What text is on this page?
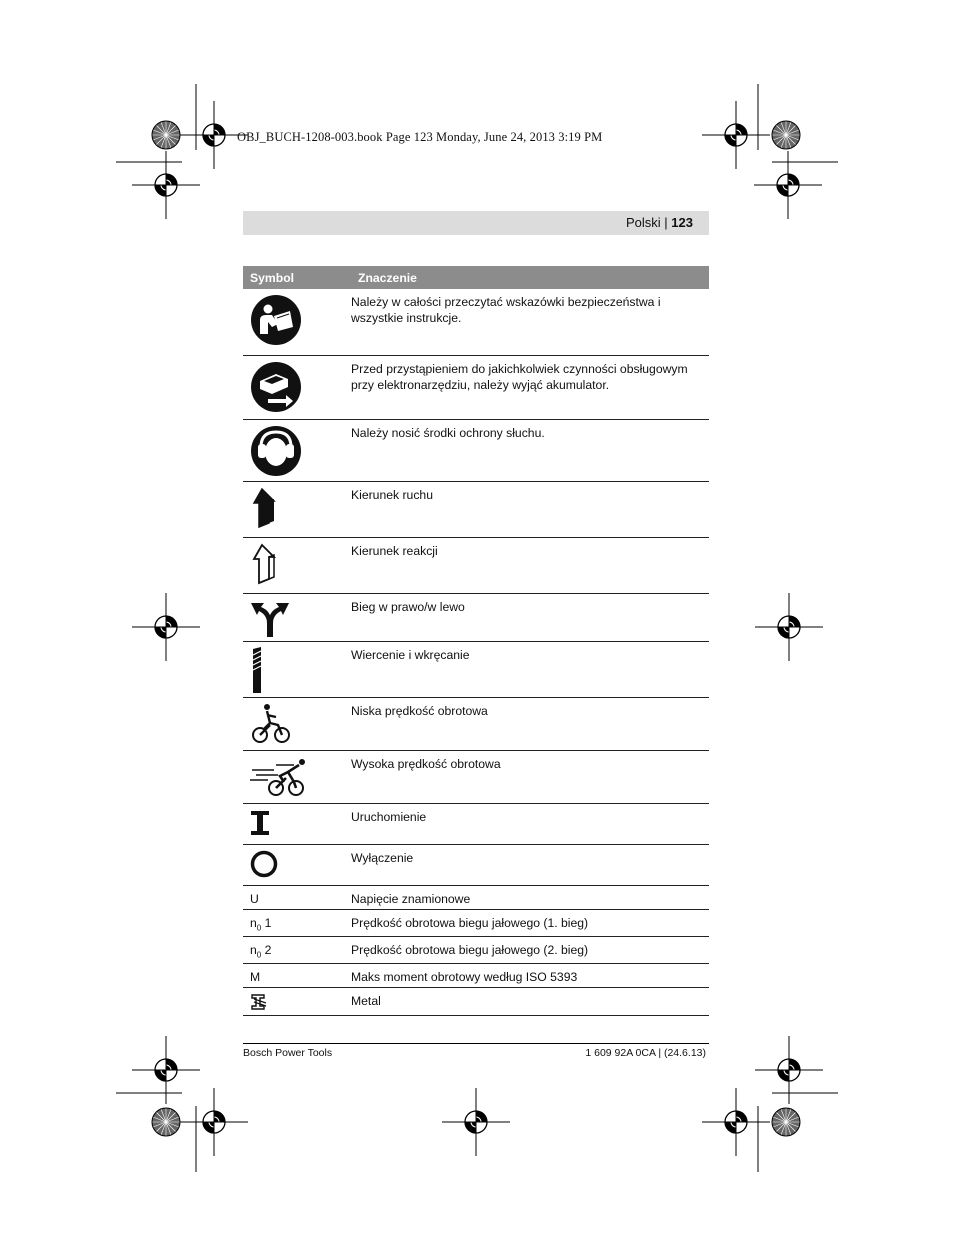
OBJ_BUCH-1208-003.book Page 123 Monday, June 24, 2013 3:19 PM
Polski | 123
Symbol	Znaczenie

	Należy w całości przeczytać wskazówki bezpieczeństwa i wszystkie instrukcje.

	Przed przystąpieniem do jakichkolwiek czynności obsługowym przy elektronarzędziu, należy wyjąć akumulator.

	Należy nosić środki ochrony słuchu.

	Kierunek ruchu

	Kierunek reakcji

	Bieg w prawo/w lewo

	Wiercenie i wkręcanie

	Niska prędkość obrotowa

	Wysoka prędkość obrotowa

	Uruchomienie

	Wyłączenie

U	Napięcie znamionowe

$n_0$ 1	Prędkość obrotowa biegu jałowego (1. bieg)

$n_0$ 2	Prędkość obrotowa biegu jałowego (2. bieg)

M	Maks moment obrotowy według ISO 5393

	Metal
Bosch Power Tools	1 609 92A 0CA | (24.6.13)
